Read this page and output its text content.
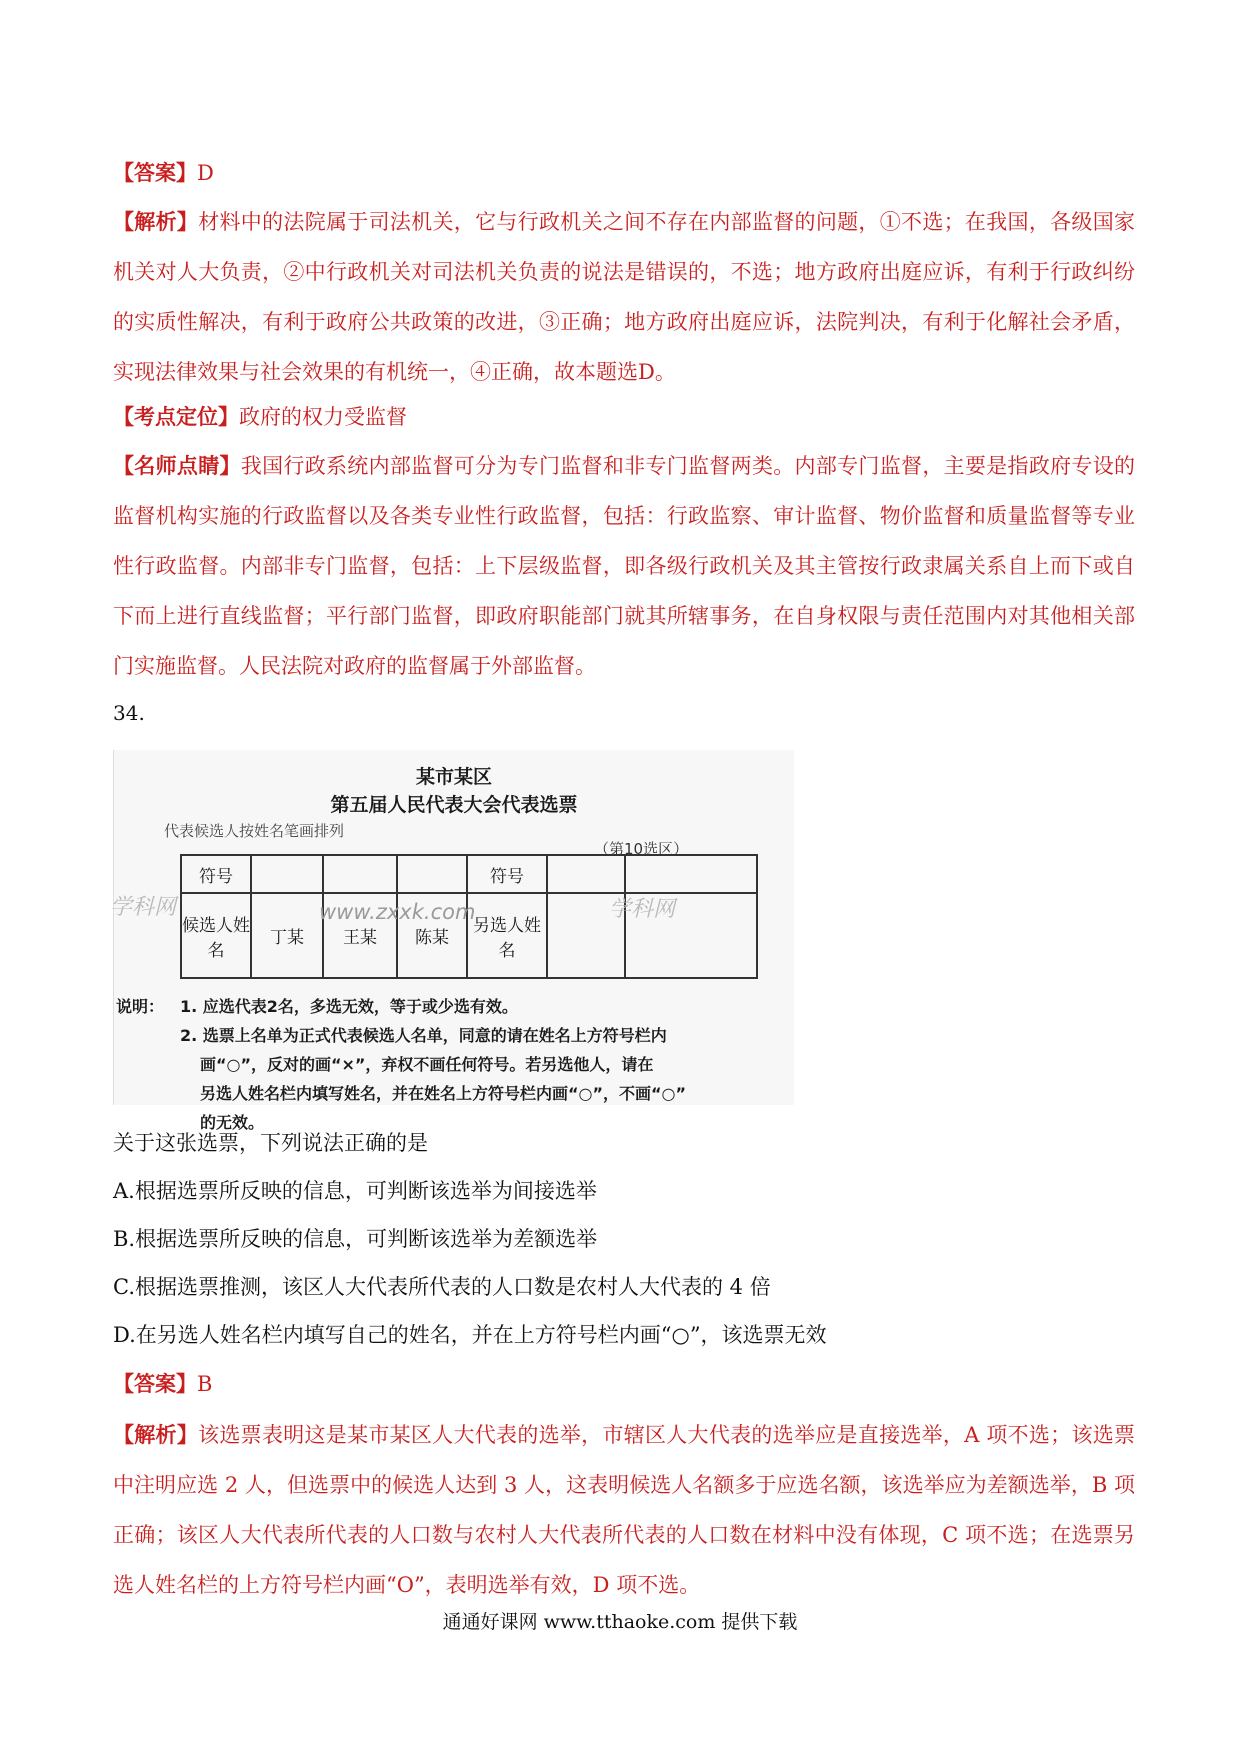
【答案】D
【解析】材料中的法院属于司法机关，它与行政机关之间不存在内部监督的问题，①不选；在我国，各级国家机关对人大负责，②中行政机关对司法机关负责的说法是错误的，不选；地方政府出庭应诉，有利于行政纠纷的实质性解决，有利于政府公共政策的改进，③正确；地方政府出庭应诉，法院判决，有利于化解社会矛盾，实现法律效果与社会效果的有机统一，④正确，故本题选D。
【考点定位】政府的权力受监督
【名师点睛】我国行政系统内部监督可分为专门监督和非专门监督两类。内部专门监督，主要是指政府专设的监督机构实施的行政监督以及各类专业性行政监督，包括：行政监察、审计监督、物价监督和质量监督等专业性行政监督。内部非专门监督，包括：上下层级监督，即各级行政机关及其主管按行政隶属关系自上而下或自下而上进行直线监督；平行部门监督，即政府职能部门就其所辖事务，在自身权限与责任范围内对其他相关部门实施监督。人民法院对政府的监督属于外部监督。
34.
某市某区
第五届人民代表大会代表选票
代表候选人按姓名笔画排列
（第10选区）
符号				符号		
候选人姓名	丁某	王某	陈某	另选人姓名		
学科网	www.zxxk.com	学科网
说明： 1. 应选代表2名，多选无效，等于或少选有效。
2. 选票上名单为正式代表候选人名单，同意的请在姓名上方符号栏内
画“○”，反对的画“×”，弃权不画任何符号。若另选他人，请在
另选人姓名栏内填写姓名，并在姓名上方符号栏内画“○”，不画“○”
的无效。
关于这张选票，下列说法正确的是
A.根据选票所反映的信息，可判断该选举为间接选举
B.根据选票所反映的信息，可判断该选举为差额选举
C.根据选票推测，该区人大代表所代表的人口数是农村人大代表的 4 倍
D.在另选人姓名栏内填写自己的姓名，并在上方符号栏内画“○”，该选票无效
【答案】B
【解析】该选票表明这是某市某区人大代表的选举，市辖区人大代表的选举应是直接选举，A 项不选；该选票中注明应选 2 人，但选票中的候选人达到 3 人，这表明候选人名额多于应选名额，该选举应为差额选举，B 项正确；该区人大代表所代表的人口数与农村人大代表所代表的人口数在材料中没有体现，C 项不选；在选票另选人姓名栏的上方符号栏内画“O”，表明选举有效，D 项不选。
通通好课网 www.tthaoke.com 提供下载
